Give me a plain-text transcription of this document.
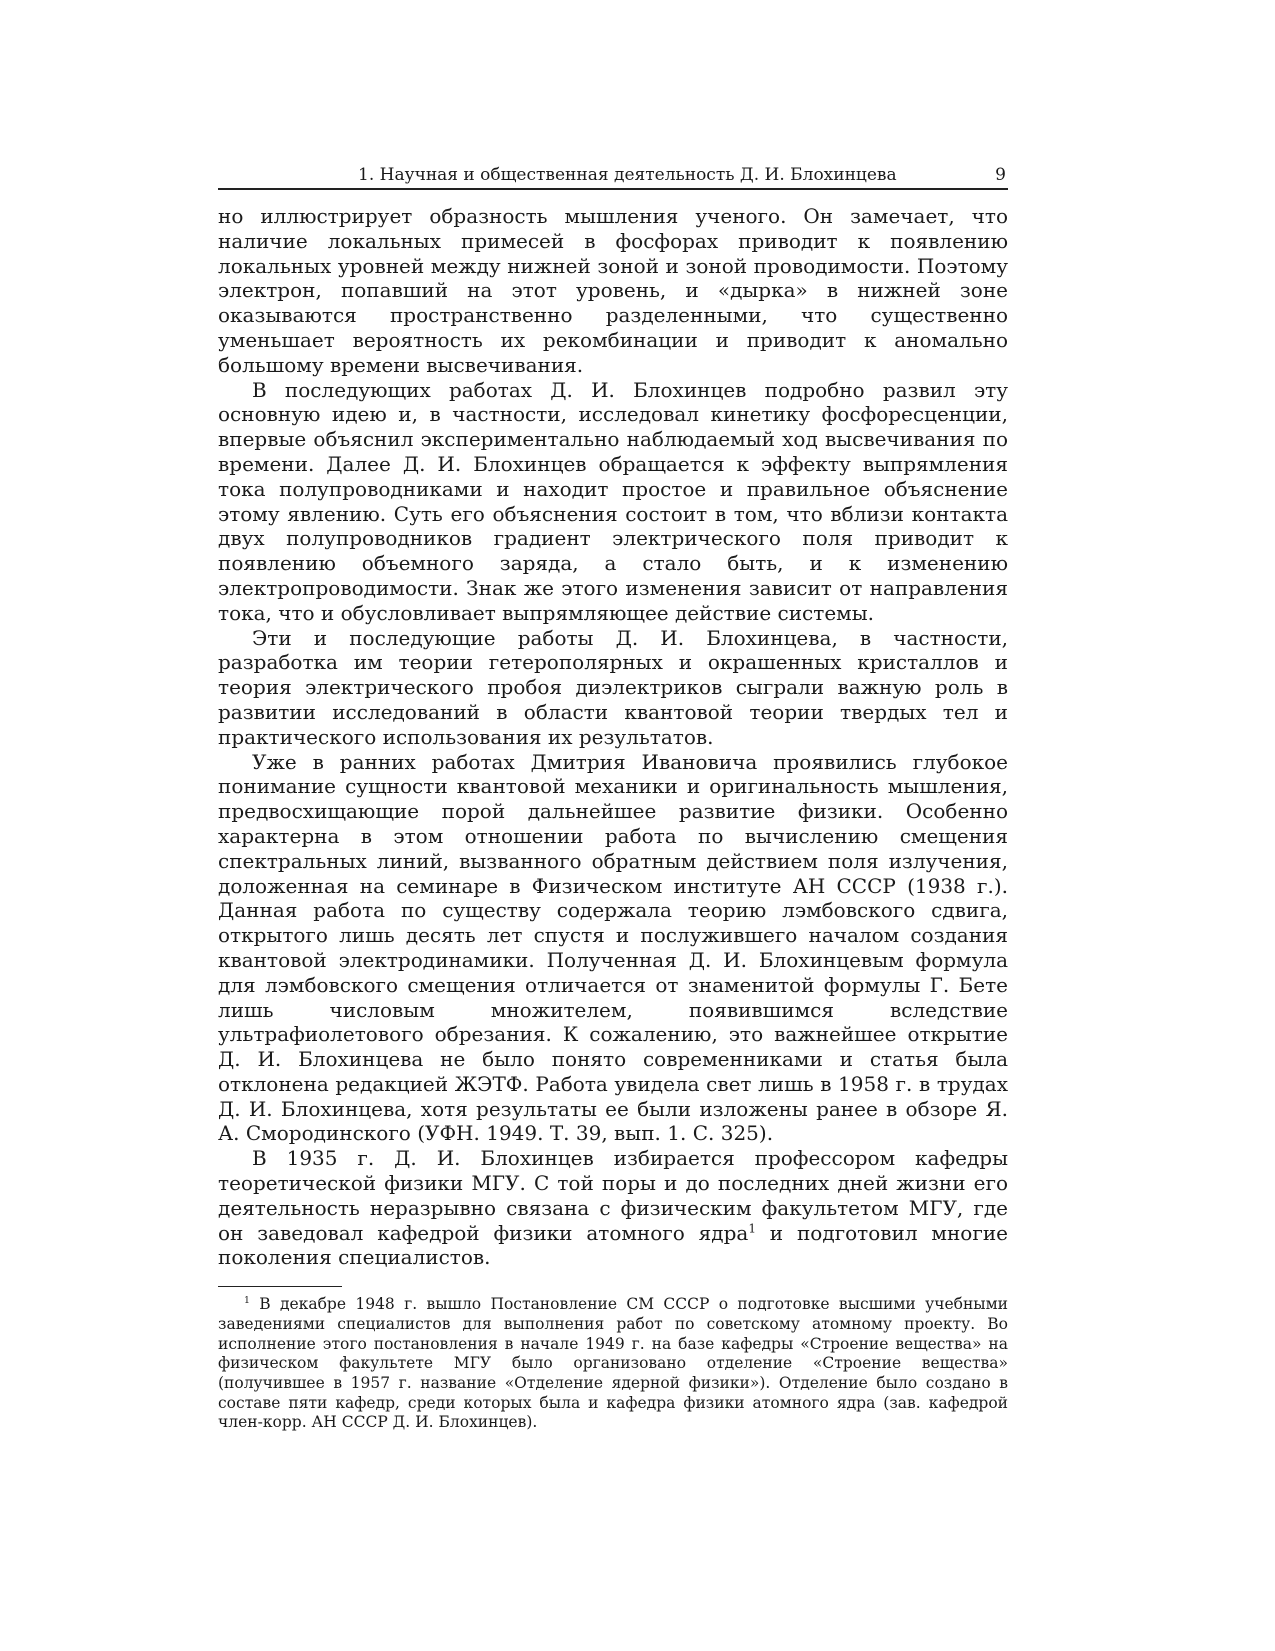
1. Научная и общественная деятельность Д. И. Блохинцева	9

но иллюстрирует образность мышления ученого. Он замечает, что наличие локальных примесей в фосфорах приводит к появлению локальных уровней между нижней зоной и зоной проводимости. Поэтому электрон, попавший на этот уровень, и «дырка» в нижней зоне оказываются пространственно разделенными, что существенно уменьшает вероятность их рекомбинации и приводит к аномально большому времени высвечивания.

В последующих работах Д. И. Блохинцев подробно развил эту основную идею и, в частности, исследовал кинетику фосфоресценции, впервые объяснил экспериментально наблюдаемый ход высвечивания по времени. Далее Д. И. Блохинцев обращается к эффекту выпрямления тока полупроводниками и находит простое и правильное объяснение этому явлению. Суть его объяснения состоит в том, что вблизи контакта двух полупроводников градиент электрического поля приводит к появлению объемного заряда, а стало быть, и к изменению электропроводимости. Знак же этого изменения зависит от направления тока, что и обусловливает выпрямляющее действие системы.

Эти и последующие работы Д. И. Блохинцева, в частности, разработка им теории гетерополярных и окрашенных кристаллов и теория электрического пробоя диэлектриков сыграли важную роль в развитии исследований в области квантовой теории твердых тел и практического использования их результатов.

Уже в ранних работах Дмитрия Ивановича проявились глубокое понимание сущности квантовой механики и оригинальность мышления, предвосхищающие порой дальнейшее развитие физики. Особенно характерна в этом отношении работа по вычислению смещения спектральных линий, вызванного обратным действием поля излучения, доложенная на семинаре в Физическом институте АН СССР (1938 г.). Данная работа по существу содержала теорию лэмбовского сдвига, открытого лишь десять лет спустя и послужившего началом создания квантовой электродинамики. Полученная Д. И. Блохинцевым формула для лэмбовского смещения отличается от знаменитой формулы Г. Бете лишь числовым множителем, появившимся вследствие ультрафиолетового обрезания. К сожалению, это важнейшее открытие Д. И. Блохинцева не было понято современниками и статья была отклонена редакцией ЖЭТФ. Работа увидела свет лишь в 1958 г. в трудах Д. И. Блохинцева, хотя результаты ее были изложены ранее в обзоре Я. А. Смородинского (УФН. 1949. Т. 39, вып. 1. С. 325).

В 1935 г. Д. И. Блохинцев избирается профессором кафедры теоретической физики МГУ. С той поры и до последних дней жизни его деятельность неразрывно связана с физическим факультетом МГУ, где он заведовал кафедрой физики атомного ядра$^1$ и подготовил многие поколения специалистов.

$^1$ В декабре 1948 г. вышло Постановление СМ СССР о подготовке высшими учебными заведениями специалистов для выполнения работ по советскому атомному проекту. Во исполнение этого постановления в начале 1949 г. на базе кафедры «Строение вещества» на физическом факультете МГУ было организовано отделение «Строение вещества» (получившее в 1957 г. название «Отделение ядерной физики»). Отделение было создано в составе пяти кафедр, среди которых была и кафедра физики атомного ядра (зав. кафедрой член-корр. АН СССР Д. И. Блохинцев).
